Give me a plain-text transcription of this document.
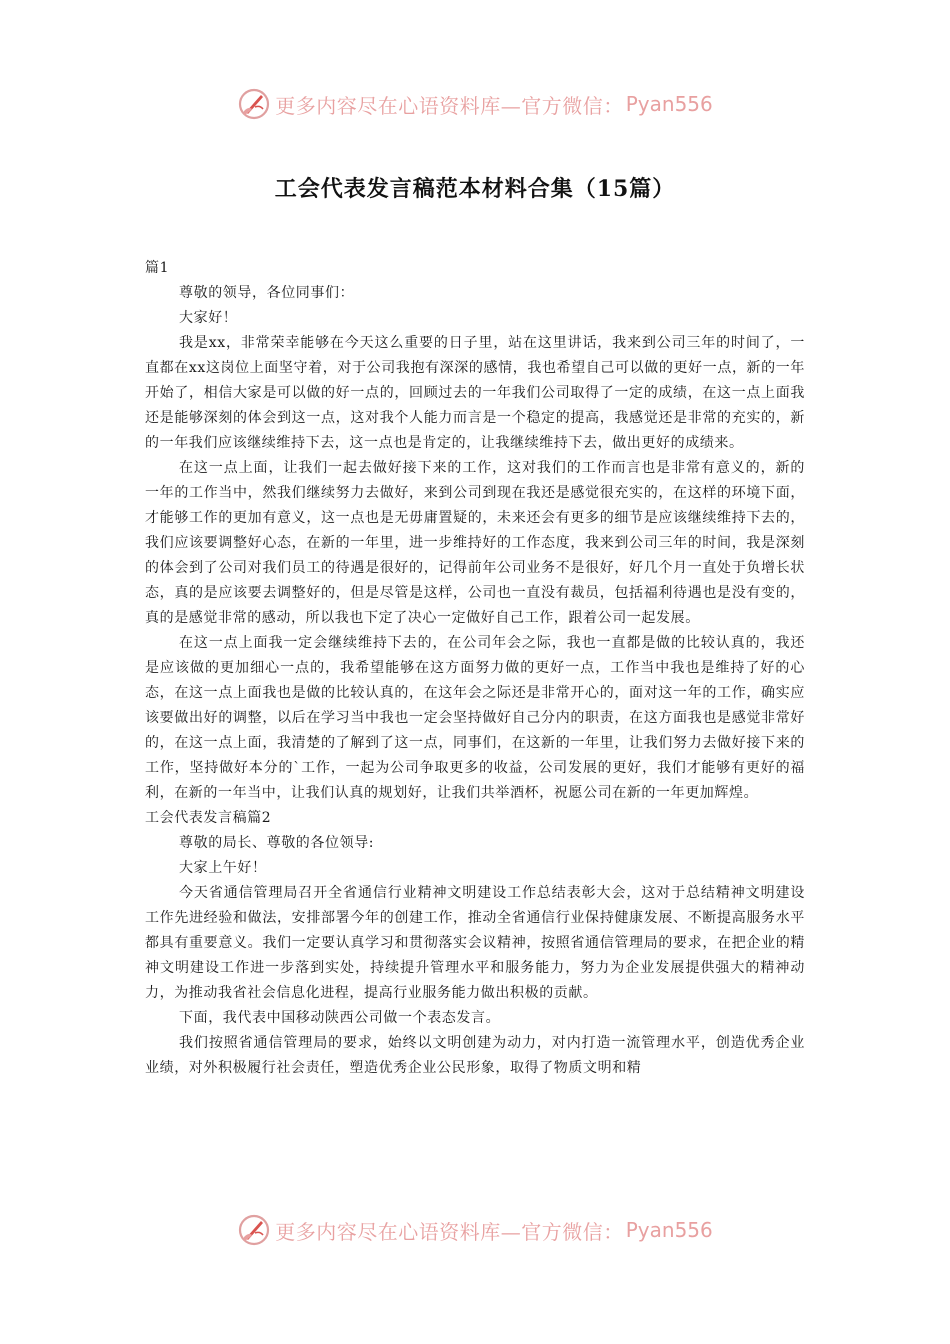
更多内容尽在心语资料库—官方微信： Pyan556
工会代表发言稿范本材料合集（15篇）

篇1

尊敬的领导，各位同事们：

大家好！

我是xx，非常荣幸能够在今天这么重要的日子里，站在这里讲话，我来到公司三年的时间了，一直都在xx这岗位上面坚守着，对于公司我抱有深深的感情，我也希望自己可以做的更好一点，新的一年开始了，相信大家是可以做的好一点的，回顾过去的一年我们公司取得了一定的成绩，在这一点上面我还是能够深刻的体会到这一点，这对我个人能力而言是一个稳定的提高，我感觉还是非常的充实的，新的一年我们应该继续维持下去，这一点也是肯定的，让我继续维持下去，做出更好的成绩来。

在这一点上面，让我们一起去做好接下来的工作，这对我们的工作而言也是非常有意义的，新的一年的工作当中，然我们继续努力去做好，来到公司到现在我还是感觉很充实的，在这样的环境下面，才能够工作的更加有意义，这一点也是无毋庸置疑的，未来还会有更多的细节是应该继续维持下去的，我们应该要调整好心态，在新的一年里，进一步维持好的工作态度，我来到公司三年的时间，我是深刻的体会到了公司对我们员工的待遇是很好的，记得前年公司业务不是很好，好几个月一直处于负增长状态，真的是应该要去调整好的，但是尽管是这样，公司也一直没有裁员，包括福利待遇也是没有变的，真的是感觉非常的感动，所以我也下定了决心一定做好自己工作，跟着公司一起发展。

在这一点上面我一定会继续维持下去的，在公司年会之际，我也一直都是做的比较认真的，我还是应该做的更加细心一点的，我希望能够在这方面努力做的更好一点，工作当中我也是维持了好的心态，在这一点上面我也是做的比较认真的，在这年会之际还是非常开心的，面对这一年的工作，确实应该要做出好的调整，以后在学习当中我也一定会坚持做好自己分内的职责，在这方面我也是感觉非常好的，在这一点上面，我清楚的了解到了这一点，同事们，在这新的一年里，让我们努力去做好接下来的工作，坚持做好本分的`工作，一起为公司争取更多的收益，公司发展的更好，我们才能够有更好的福利，在新的一年当中，让我们认真的规划好，让我们共举酒杯，祝愿公司在新的一年更加辉煌。

工会代表发言稿篇2

尊敬的局长、尊敬的各位领导:

大家上午好！

今天省通信管理局召开全省通信行业精神文明建设工作总结表彰大会，这对于总结精神文明建设工作先进经验和做法，安排部署今年的创建工作，推动全省通信行业保持健康发展、不断提高服务水平都具有重要意义。我们一定要认真学习和贯彻落实会议精神，按照省通信管理局的要求，在把企业的精神文明建设工作进一步落到实处，持续提升管理水平和服务能力，努力为企业发展提供强大的精神动力，为推动我省社会信息化进程，提高行业服务能力做出积极的贡献。

下面，我代表中国移动陕西公司做一个表态发言。

我们按照省通信管理局的要求，始终以文明创建为动力，对内打造一流管理水平，创造优秀企业业绩，对外积极履行社会责任，塑造优秀企业公民形象，取得了物质文明和精

更多内容尽在心语资料库—官方微信： Pyan556
